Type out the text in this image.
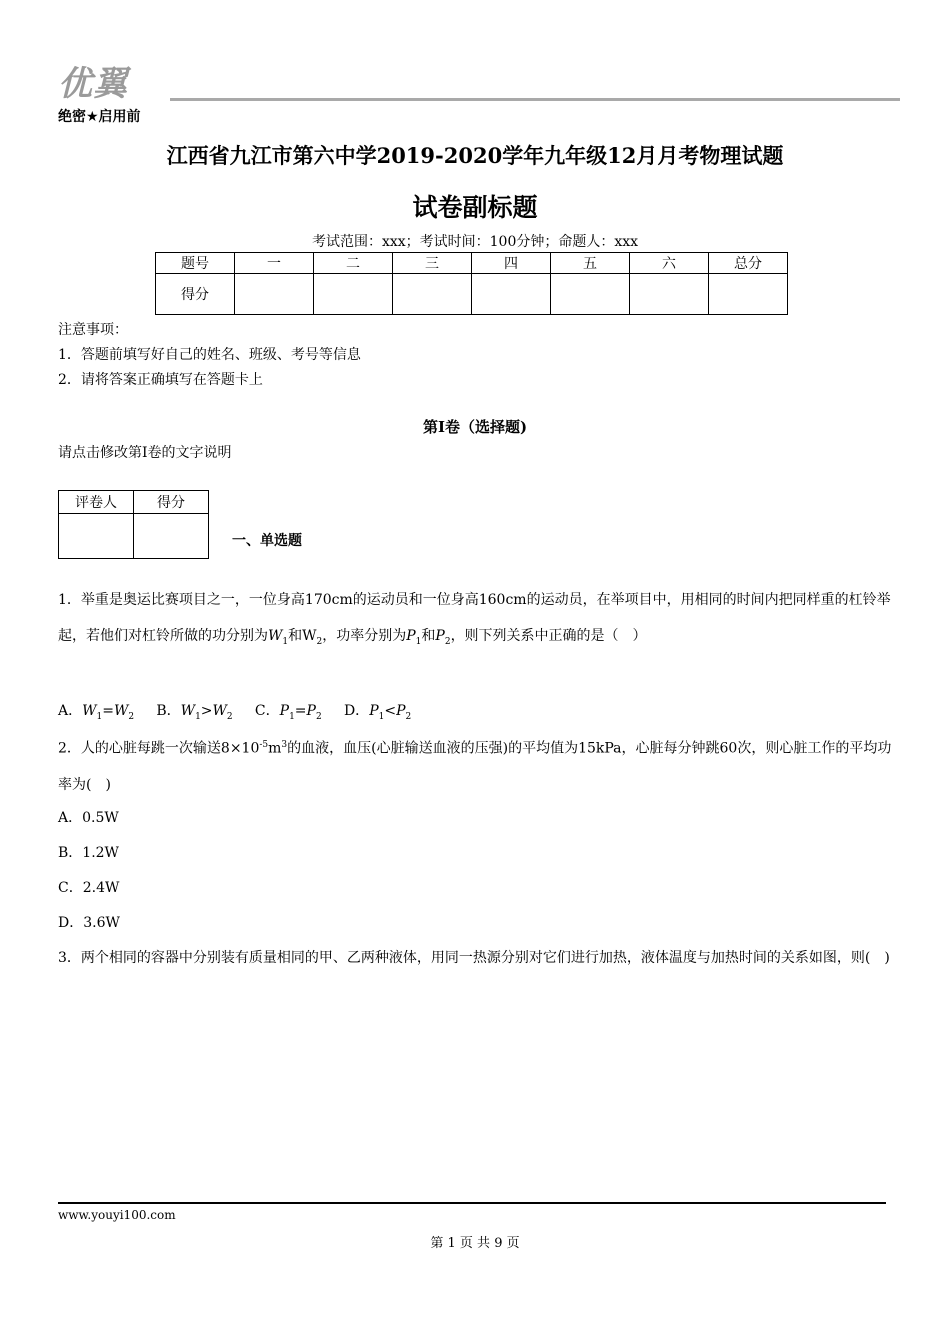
优翼
绝密★启用前
江西省九江市第六中学2019-2020学年九年级12月月考物理试题
试卷副标题
考试范围：xxx；考试时间：100分钟；命题人：xxx
题号	一	二	三	四	五	六	总分
得分							
注意事项：
1．答题前填写好自己的姓名、班级、考号等信息
2．请将答案正确填写在答题卡上
第I卷（选择题)
请点击修改第I卷的文字说明
评卷人	得分

一、单选题
1．举重是奥运比赛项目之一，一位身高170cm的运动员和一位身高160cm的运动员，在举项目中，用相同的时间内把同样重的杠铃举起，若他们对杠铃所做的功分别为$W_1$和$W_2$，功率分别为$P_1$和$P_2$，则下列关系中正确的是（　）
A．$W_1=W_2$ B．$W_1>W_2$ C．$P_1=P_2$ D．$P_1<P_2$
2．人的心脏每跳一次输送$8\times 10^{-5}m^3$的血液，血压(心脏输送血液的压强)的平均值为15kPa，心脏每分钟跳60次，则心脏工作的平均功率为(　)
A．0.5W
B．1.2W
C．2.4W
D．3.6W
3．两个相同的容器中分别装有质量相同的甲、乙两种液体，用同一热源分别对它们进行加热，液体温度与加热时间的关系如图，则(　)
www.youyi100.com
第 1 页 共 9 页
